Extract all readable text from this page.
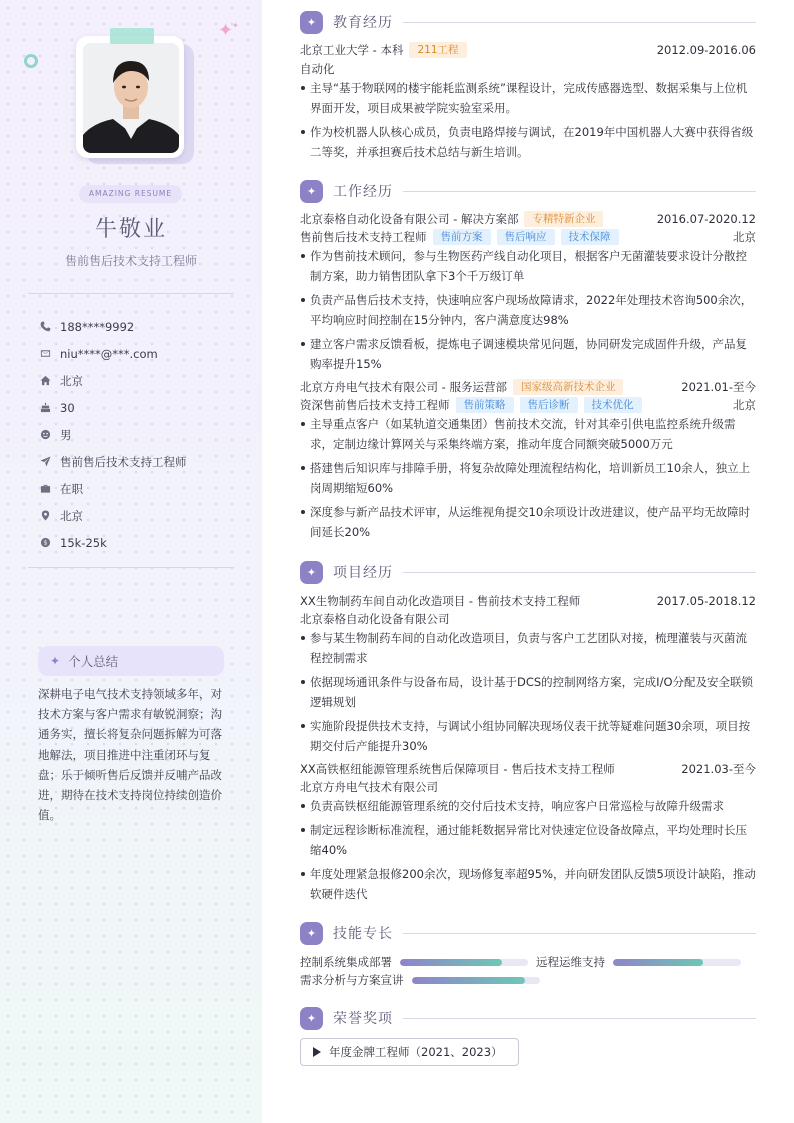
✦
✦
AMAZING RESUME
牛敬业
售前售后技术支持工程师
188****9992
niu****@***.com
北京
30
男
售前售后技术支持工程师
在职
北京
$ 15k-25k
✦ 个人总结

深耕电子电气技术支持领域多年，对技术方案与客户需求有敏锐洞察；沟通务实，擅长将复杂问题拆解为可落地解法，项目推进中注重闭环与复盘；乐于倾听售后反馈并反哺产品改进，期待在技术支持岗位持续创造价值。

✦	教育经历
北京工业大学 - 本科	211工程	2012.09-2016.06
自动化
主导“基于物联网的楼宇能耗监测系统”课程设计，完成传感器选型、数据采集与上位机界面开发，项目成果被学院实验室采用。
作为校机器人队核心成员，负责电路焊接与调试，在2019年中国机器人大赛中获得省级二等奖，并承担赛后技术总结与新生培训。
✦	工作经历
北京泰格自动化设备有限公司 - 解决方案部	专精特新企业	2016.07-2020.12
售前售后技术支持工程师	售前方案	售后响应	技术保障	北京
作为售前技术顾问，参与生物医药产线自动化项目，根据客户无菌灌装要求设计分散控制方案，助力销售团队拿下3个千万级订单
负责产品售后技术支持，快速响应客户现场故障请求，2022年处理技术咨询500余次，平均响应时间控制在15分钟内，客户满意度达98%
建立客户需求反馈看板，提炼电子调速模块常见问题，协同研发完成固件升级，产品复购率提升15%
北京方舟电气技术有限公司 - 服务运营部	国家级高新技术企业	2021.01-至今
资深售前售后技术支持工程师	售前策略	售后诊断	技术优化	北京
主导重点客户（如某轨道交通集团）售前技术交流，针对其牵引供电监控系统升级需求，定制边缘计算网关与采集终端方案，推动年度合同额突破5000万元
搭建售后知识库与排障手册，将复杂故障处理流程结构化，培训新员工10余人，独立上岗周期缩短60%
深度参与新产品技术评审，从运维视角提交10余项设计改进建议，使产品平均无故障时间延长20%
✦	项目经历
XX生物制药车间自动化改造项目 - 售前技术支持工程师	2017.05-2018.12
北京泰格自动化设备有限公司
参与某生物制药车间的自动化改造项目，负责与客户工艺团队对接，梳理灌装与灭菌流程控制需求
依据现场通讯条件与设备布局，设计基于DCS的控制网络方案，完成I/O分配及安全联锁逻辑规划
实施阶段提供技术支持，与调试小组协同解决现场仪表干扰等疑难问题30余项，项目按期交付后产能提升30%
XX高铁枢纽能源管理系统售后保障项目 - 售后技术支持工程师	2021.03-至今
北京方舟电气技术有限公司
负责高铁枢纽能源管理系统的交付后技术支持，响应客户日常巡检与故障升级需求
制定远程诊断标准流程，通过能耗数据异常比对快速定位设备故障点，平均处理时长压缩40%
年度处理紧急报修200余次，现场修复率超95%，并向研发团队反馈5项设计缺陷，推动软硬件迭代
✦	技能专长
控制系统集成部署	远程运维支持
需求分析与方案宣讲
✦	荣誉奖项
年度金牌工程师（2021、2023）
